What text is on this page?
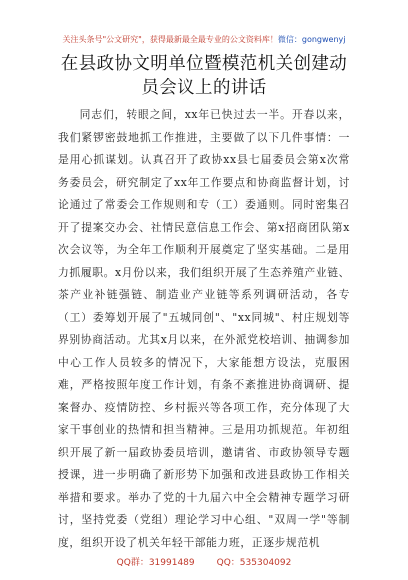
关注头条号"公文研究"，获得最新最全最专业的公文资料库！微信：gongwenyj
在县政协文明单位暨模范机关创建动员会议上的讲话

同志们，转眼之间，xx年已快过去一半。开春以来，我们紧锣密鼓地抓工作推进，主要做了以下几件事情：一是用心抓谋划。认真召开了政协xx县七届委员会第x次常务委员会，研究制定了xx年工作要点和协商监督计划，讨论通过了常委会工作规则和专（工）委通则。同时密集召开了提案交办会、社情民意信息工作会、第x招商团队第x次会议等，为全年工作顺利开展奠定了坚实基础。二是用力抓履职。x月份以来，我们组织开展了生态养殖产业链、茶产业补链强链、制造业产业链等系列调研活动，各专（工）委筹划开展了"五城同创"、"xx同城"、村庄规划等界别协商活动。尤其x月以来，在外派党校培训、抽调参加中心工作人员较多的情况下，大家能想方设法，克服困难，严格按照年度工作计划，有条不紊推进协商调研、提案督办、疫情防控、乡村振兴等各项工作，充分体现了大家干事创业的热情和担当精神。三是用功抓规范。年初组织开展了新一届政协委员培训，邀请省、市政协领导专题授课，进一步明确了新形势下加强和改进县政协工作相关举措和要求。举办了党的十九届六中全会精神专题学习研讨，坚持党委（党组）理论学习中心组、"双周一学"等制度，组织开设了机关年轻干部能力班，正逐步规范机

QQ群：31991489 QQ：535304092
